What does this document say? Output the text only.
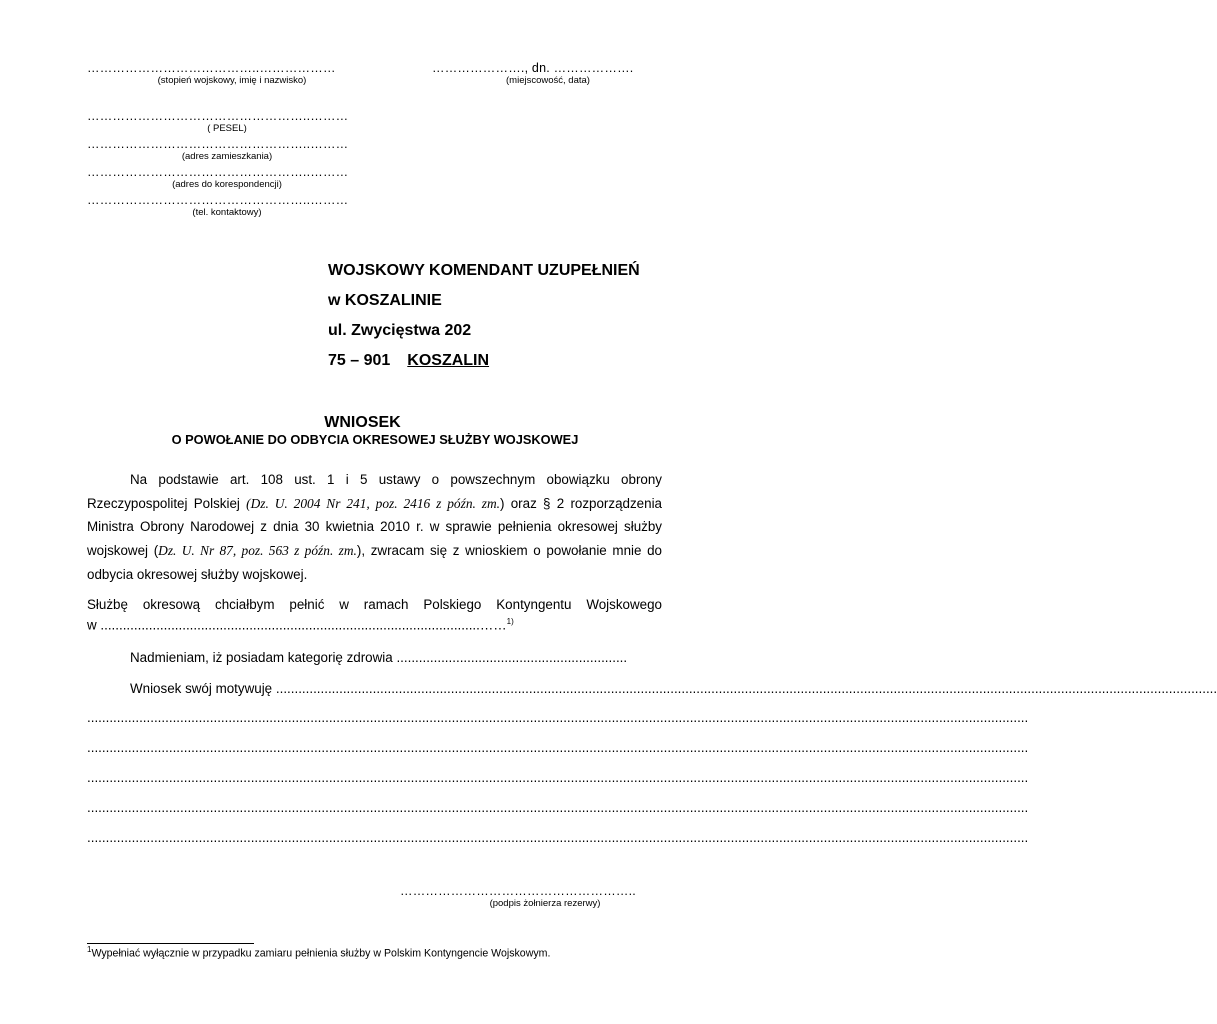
…………………………………..………………
(stopień wojskowy, imię i nazwisko)
…………………., dn. ……………….
(miejscowość, data)
……………………………………………..………
( PESEL)
……………………………………………..………
(adres zamieszkania)
……………………………………………..………
(adres do korespondencji)
……………………………………………..………
(tel. kontaktowy)
WOJSKOWY KOMENDANT UZUPEŁNIEŃ
w KOSZALINIE
ul. Zwycięstwa 202
75 – 901 KOSZALIN
WNIOSEK
O POWOŁANIE DO ODBYCIA OKRESOWEJ SŁUŻBY WOJSKOWEJ
Na podstawie art. 108 ust. 1 i 5 ustawy o powszechnym obowiązku obrony Rzeczypospolitej Polskiej (Dz. U. 2004 Nr 241, poz. 2416 z późn. zm.) oraz § 2 rozporządzenia Ministra Obrony Narodowej z dnia 30 kwietnia 2010 r. w sprawie pełnienia okresowej służby wojskowej (Dz. U. Nr 87, poz. 563 z późn. zm.), zwracam się z wnioskiem o powołanie mnie do odbycia okresowej służby wojskowej.
Służbę okresową chciałbym pełnić w ramach Polskiego Kontyngentu Wojskowego
w ......................................................................................................……$^{1)}$
Nadmieniam, iż posiadam kategorię zdrowia ..............................................................
Wniosek swój motywuję .............................................................................................................................................................................................................................................................
.............................................................................................................................................................................................................................................................
.............................................................................................................................................................................................................................................................
.............................................................................................................................................................................................................................................................
.............................................................................................................................................................................................................................................................
.............................................................................................................................................................................................................................................................
………………………………………………..
(podpis żołnierza rezerwy)
$^1$Wypełniać wyłącznie w przypadku zamiaru pełnienia służby w Polskim Kontyngencie Wojskowym.
